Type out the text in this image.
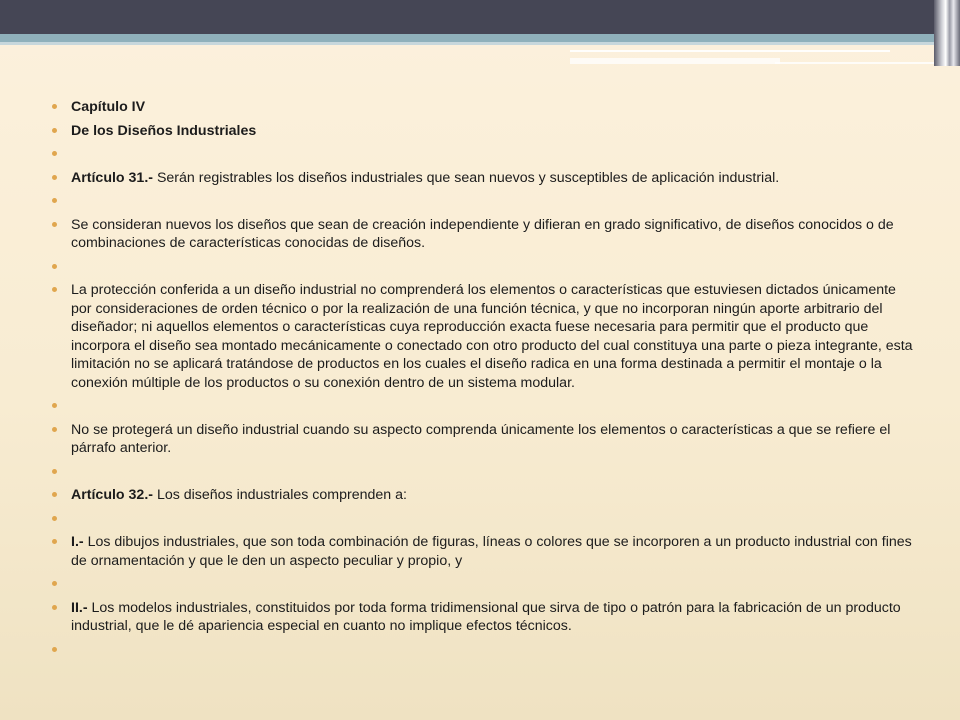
Capítulo IV
De los Diseños Industriales
Artículo 31.- Serán registrables los diseños industriales que sean nuevos y susceptibles de aplicación industrial.
Se consideran nuevos los diseños que sean de creación independiente y difieran en grado significativo, de diseños conocidos o de combinaciones de características conocidas de diseños.
La protección conferida a un diseño industrial no comprenderá los elementos o características que estuviesen dictados únicamente por consideraciones de orden técnico o por la realización de una función técnica, y que no incorporan ningún aporte arbitrario del diseñador; ni aquellos elementos o características cuya reproducción exacta fuese necesaria para permitir que el producto que incorpora el diseño sea montado mecánicamente o conectado con otro producto del cual constituya una parte o pieza integrante, esta limitación no se aplicará tratándose de productos en los cuales el diseño radica en una forma destinada a permitir el montaje o la conexión múltiple de los productos o su conexión dentro de un sistema modular.
No se protegerá un diseño industrial cuando su aspecto comprenda únicamente los elementos o características a que se refiere el párrafo anterior.
Artículo 32.- Los diseños industriales comprenden a:
I.- Los dibujos industriales, que son toda combinación de figuras, líneas o colores que se incorporen a un producto industrial con fines de ornamentación y que le den un aspecto peculiar y propio, y
II.- Los modelos industriales, constituidos por toda forma tridimensional que sirva de tipo o patrón para la fabricación de un producto industrial, que le dé apariencia especial en cuanto no implique efectos técnicos.
